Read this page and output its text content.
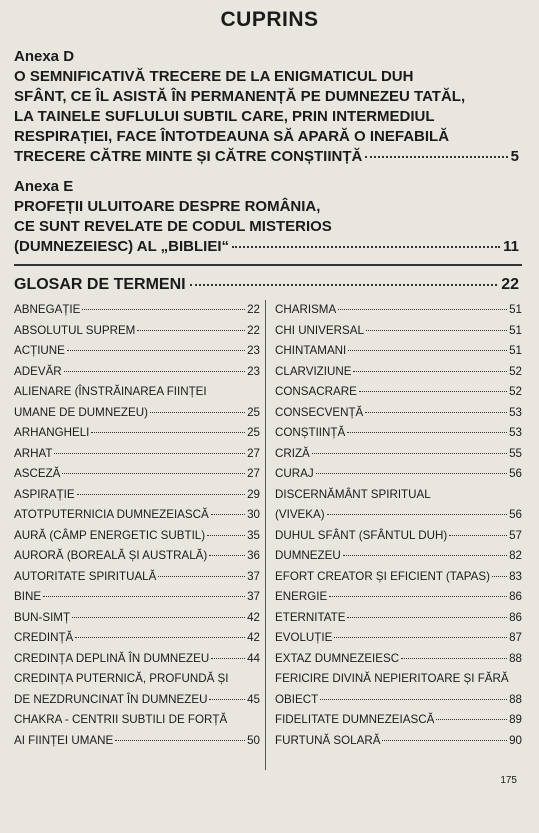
CUPRINS
Anexa D
O SEMNIFICATIVĂ TRECERE DE LA ENIGMATICUL DUH
SFÂNT, CE ÎL ASISTĂ ÎN PERMANENȚĂ PE DUMNEZEU TATĂL,
LA TAINELE SUFLULUI SUBTIL CARE, PRIN INTERMEDIUL
RESPIRAȚIEI, FACE ÎNTOTDEAUNA SĂ APARĂ O INEFABILĂ
TRECERE CĂTRE MINTE ȘI CĂTRE CONȘTIINȚĂ	5
Anexa E
PROFEȚII ULUITOARE DESPRE ROMÂNIA,
CE SUNT REVELATE DE CODUL MISTERIOS
(DUMNEZEIESC) AL „BIBLIEI“	11
GLOSAR DE TERMENI	22
ABNEGAȚIE	22
ABSOLUTUL SUPREM	22
ACȚIUNE	23
ADEVĂR	23
ALIENARE (ÎNSTRĂINAREA FIINȚEI
UMANE DE DUMNEZEU)	25
ARHANGHELI	25
ARHAT	27
ASCEZĂ	27
ASPIRAȚIE	29
ATOTPUTERNICIA DUMNEZEIASCĂ	30
AURĂ (CÂMP ENERGETIC SUBTIL)	35
AURORĂ (BOREALĂ ȘI AUSTRALĂ)	36
AUTORITATE SPIRITUALĂ	37
BINE	37
BUN-SIMȚ	42
CREDINȚĂ	42
CREDINȚA DEPLINĂ ÎN DUMNEZEU	44
CREDINȚA PUTERNICĂ, PROFUNDĂ ȘI
DE NEZDRUNCINAT ÎN DUMNEZEU	45
CHAKRA - CENTRII SUBTILI DE FORȚĂ
AI FIINȚEI UMANE	50
CHARISMA	51
CHI UNIVERSAL	51
CHINTAMANI	51
CLARVIZIUNE	52
CONSACRARE	52
CONSECVENȚĂ	53
CONȘTIINȚĂ	53
CRIZĂ	55
CURAJ	56
DISCERNĂMÂNT SPIRITUAL
(VIVEKA)	56
DUHUL SFÂNT (SFÂNTUL DUH)	57
DUMNEZEU	82
EFORT CREATOR ȘI EFICIENT (TAPAS) 83
ENERGIE	86
ETERNITATE	86
EVOLUȚIE	87
EXTAZ DUMNEZEIESC	88
FERICIRE DIVINĂ NEPIERITOARE ȘI FĂRĂ
OBIECT	88
FIDELITATE DUMNEZEIASCĂ	89
FURTUNĂ SOLARĂ	90
175
